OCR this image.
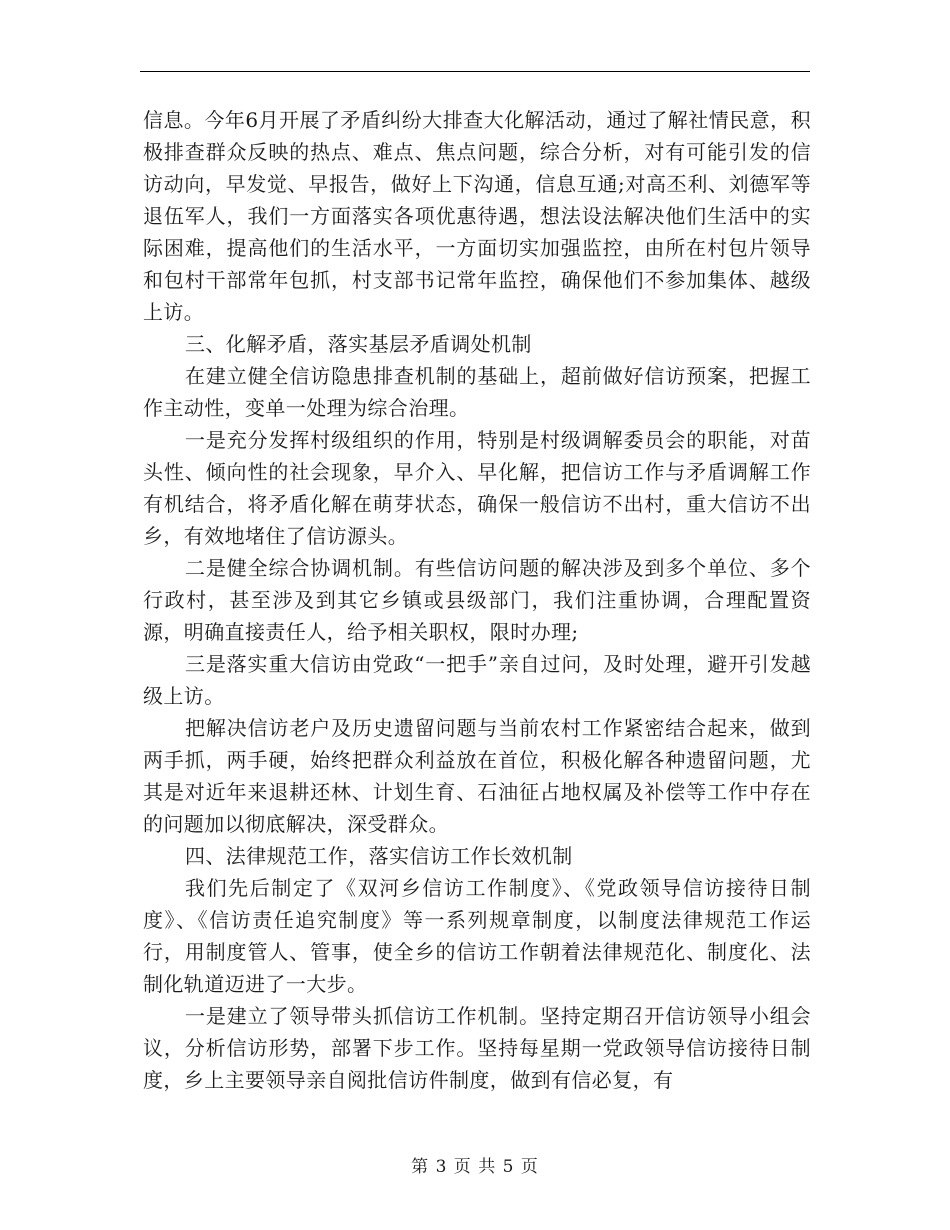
信息。今年6月开展了矛盾纠纷大排查大化解活动，通过了解社情民意，积极排查群众反映的热点、难点、焦点问题，综合分析，对有可能引发的信访动向，早发觉、早报告，做好上下沟通，信息互通;对高丕利、刘德军等退伍军人，我们一方面落实各项优惠待遇，想法设法解决他们生活中的实际困难，提高他们的生活水平，一方面切实加强监控，由所在村包片领导和包村干部常年包抓，村支部书记常年监控，确保他们不参加集体、越级上访。

三、化解矛盾，落实基层矛盾调处机制

在建立健全信访隐患排查机制的基础上，超前做好信访预案，把握工作主动性，变单一处理为综合治理。

一是充分发挥村级组织的作用，特别是村级调解委员会的职能，对苗头性、倾向性的社会现象，早介入、早化解，把信访工作与矛盾调解工作有机结合，将矛盾化解在萌芽状态，确保一般信访不出村，重大信访不出乡，有效地堵住了信访源头。

二是健全综合协调机制。有些信访问题的解决涉及到多个单位、多个行政村，甚至涉及到其它乡镇或县级部门，我们注重协调，合理配置资源，明确直接责任人，给予相关职权，限时办理;

三是落实重大信访由党政“一把手”亲自过问，及时处理，避开引发越级上访。

把解决信访老户及历史遗留问题与当前农村工作紧密结合起来，做到两手抓，两手硬，始终把群众利益放在首位，积极化解各种遗留问题，尤其是对近年来退耕还林、计划生育、石油征占地权属及补偿等工作中存在的问题加以彻底解决，深受群众。

四、法律规范工作，落实信访工作长效机制

我们先后制定了《双河乡信访工作制度》、《党政领导信访接待日制度》、《信访责任追究制度》等一系列规章制度，以制度法律规范工作运行，用制度管人、管事，使全乡的信访工作朝着法律规范化、制度化、法制化轨道迈进了一大步。

一是建立了领导带头抓信访工作机制。坚持定期召开信访领导小组会议，分析信访形势，部署下步工作。坚持每星期一党政领导信访接待日制度，乡上主要领导亲自阅批信访件制度，做到有信必复，有

第 3 页 共 5 页
